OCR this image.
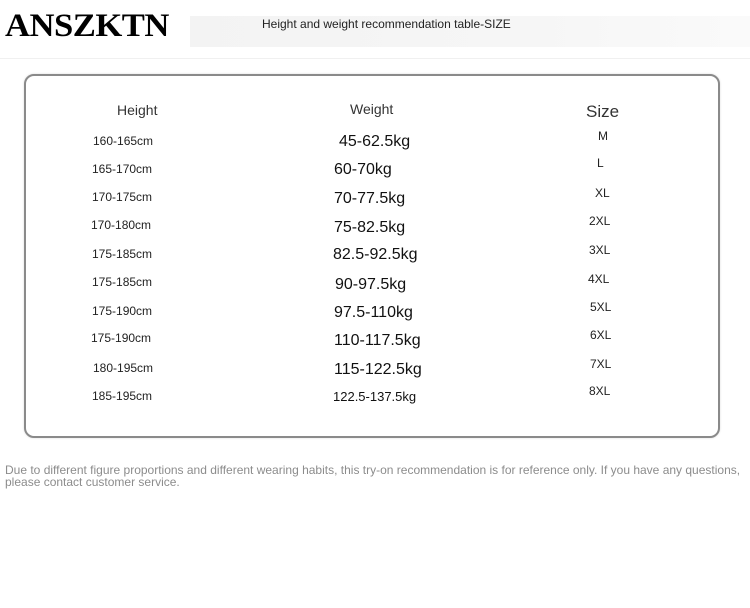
ANSZKTN	Height and weight recommendation table-SIZE
Height	Weight	Size
160-165cm	45-62.5kg	M
165-170cm	60-70kg	L
170-175cm	70-77.5kg	XL
170-180cm	75-82.5kg	2XL
175-185cm	82.5-92.5kg	3XL
175-185cm	90-97.5kg	4XL
175-190cm	97.5-110kg	5XL
175-190cm	110-117.5kg	6XL
180-195cm	115-122.5kg	7XL
185-195cm	122.5-137.5kg	8XL
Due to different figure proportions and different wearing habits, this try-on recommendation is for reference only. If you have any questions, please contact customer service.
